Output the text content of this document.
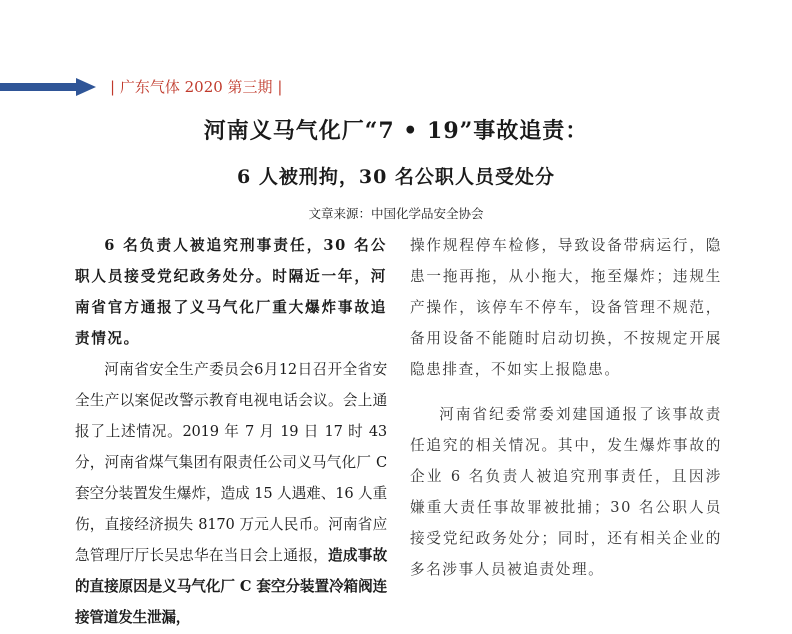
| 广东气体 2020 第三期 |
河南义马气化厂“7 • 19”事故追责：
6 人被刑拘，30 名公职人员受处分
文章来源：中国化学品安全协会

6 名负责人被追究刑事责任，30 名公职人员接受党纪政务处分。时隔近一年，河南省官方通报了义马气化厂重大爆炸事故追责情况。

河南省安全生产委员会6月12日召开全省安全生产以案促改警示教育电视电话会议。会上通报了上述情况。2019 年 7 月 19 日 17 时 43 分，河南省煤气集团有限责任公司义马气化厂 C 套空分装置发生爆炸，造成 15 人遇难、16 人重伤，直接经济损失 8170 万元人民币。河南省应急管理厅厅长吴忠华在当日会上通报，造成事故的直接原因是义马气化厂 C 套空分装置冷箱阀连接管道发生泄漏，

操作规程停车检修，导致设备带病运行，隐患一拖再拖，从小拖大，拖至爆炸；违规生产操作，该停车不停车，设备管理不规范，备用设备不能随时启动切换，不按规定开展隐患排查，不如实上报隐患。

河南省纪委常委刘建国通报了该事故责任追究的相关情况。其中，发生爆炸事故的企业 6 名负责人被追究刑事责任，且因涉嫌重大责任事故罪被批捕；30 名公职人员接受党纪政务处分；同时，还有相关企业的多名涉事人员被追责处理。
